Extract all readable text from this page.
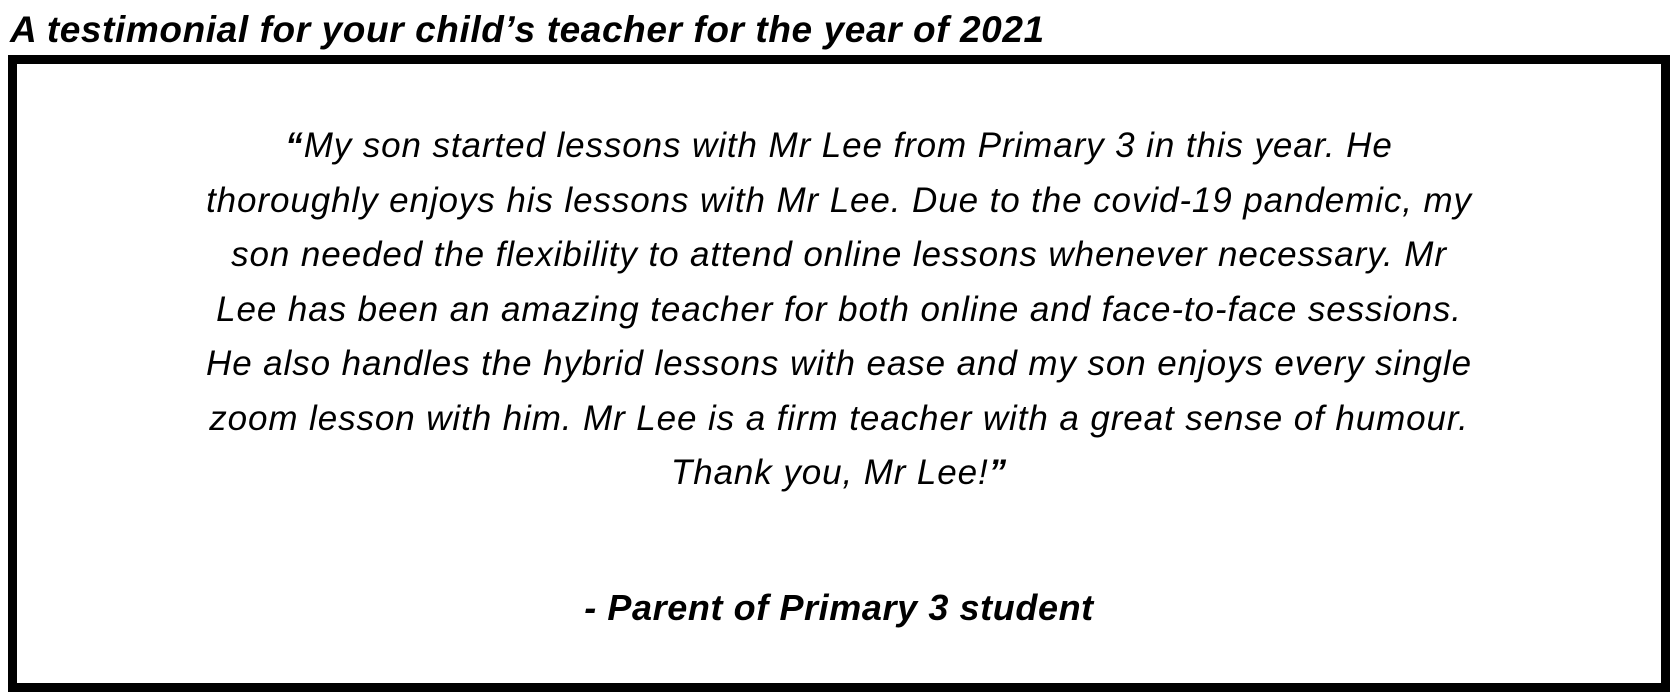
A testimonial for your child’s teacher for the year of 2021

“My son started lessons with Mr Lee from Primary 3 in this year. He
thoroughly enjoys his lessons with Mr Lee. Due to the covid-19 pandemic, my
son needed the flexibility to attend online lessons whenever necessary. Mr
Lee has been an amazing teacher for both online and face-to-face sessions.
He also handles the hybrid lessons with ease and my son enjoys every single
zoom lesson with him. Mr Lee is a firm teacher with a great sense of humour.
Thank you, Mr Lee!”

- Parent of Primary 3 student
